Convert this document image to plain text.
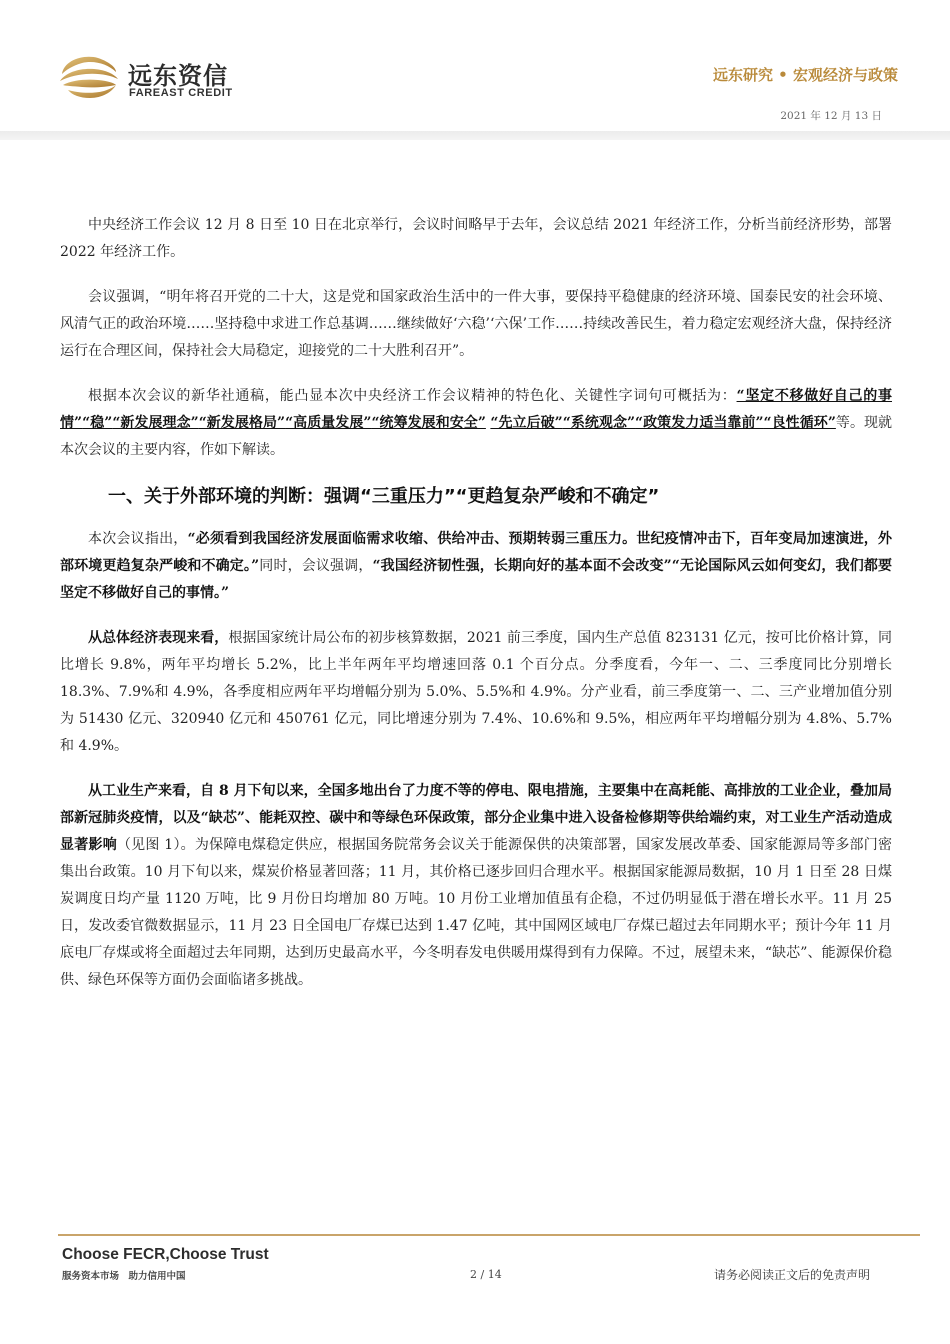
远东资信
FAREAST CREDIT
远东研究 • 宏观经济与政策
2021 年 12 月 13 日

中央经济工作会议 12 月 8 日至 10 日在北京举行，会议时间略早于去年，会议总结 2021 年经济工作，分析当前经济形势，部署 2022 年经济工作。

会议强调，“明年将召开党的二十大，这是党和国家政治生活中的一件大事，要保持平稳健康的经济环境、国泰民安的社会环境、风清气正的政治环境……坚持稳中求进工作总基调……继续做好‘六稳’‘六保’工作……持续改善民生，着力稳定宏观经济大盘，保持经济运行在合理区间，保持社会大局稳定，迎接党的二十大胜利召开”。

根据本次会议的新华社通稿，能凸显本次中央经济工作会议精神的特色化、关键性字词句可概括为：“坚定不移做好自己的事情”“稳”“新发展理念”“新发展格局”“高质量发展”“统筹发展和安全” “先立后破”“系统观念”“政策发力适当靠前”“良性循环”等。现就本次会议的主要内容，作如下解读。

一、关于外部环境的判断：强调“三重压力”“更趋复杂严峻和不确定”

本次会议指出，“必须看到我国经济发展面临需求收缩、供给冲击、预期转弱三重压力。世纪疫情冲击下，百年变局加速演进，外部环境更趋复杂严峻和不确定。”同时，会议强调，“我国经济韧性强，长期向好的基本面不会改变”“无论国际风云如何变幻，我们都要坚定不移做好自己的事情。”

从总体经济表现来看，根据国家统计局公布的初步核算数据，2021 前三季度，国内生产总值 823131 亿元，按可比价格计算，同比增长 9.8%，两年平均增长 5.2%，比上半年两年平均增速回落 0.1 个百分点。分季度看，今年一、二、三季度同比分别增长 18.3%、7.9%和 4.9%，各季度相应两年平均增幅分别为 5.0%、5.5%和 4.9%。分产业看，前三季度第一、二、三产业增加值分别为 51430 亿元、320940 亿元和 450761 亿元，同比增速分别为 7.4%、10.6%和 9.5%，相应两年平均增幅分别为 4.8%、5.7%和 4.9%。

从工业生产来看，自 8 月下旬以来，全国多地出台了力度不等的停电、限电措施，主要集中在高耗能、高排放的工业企业，叠加局部新冠肺炎疫情，以及“缺芯”、能耗双控、碳中和等绿色环保政策，部分企业集中进入设备检修期等供给端约束，对工业生产活动造成显著影响（见图 1）。为保障电煤稳定供应，根据国务院常务会议关于能源保供的决策部署，国家发展改革委、国家能源局等多部门密集出台政策。10 月下旬以来，煤炭价格显著回落；11 月，其价格已逐步回归合理水平。根据国家能源局数据，10 月 1 日至 28 日煤炭调度日均产量 1120 万吨，比 9 月份日均增加 80 万吨。10 月份工业增加值虽有企稳，不过仍明显低于潜在增长水平。11 月 25 日，发改委官微数据显示，11 月 23 日全国电厂存煤已达到 1.47 亿吨，其中国网区域电厂存煤已超过去年同期水平；预计今年 11 月底电厂存煤或将全面超过去年同期，达到历史最高水平，今冬明春发电供暖用煤得到有力保障。不过，展望未来，“缺芯”、能源保价稳供、绿色环保等方面仍会面临诸多挑战。

Choose FECR,Choose Trust
服务资本市场　助力信用中国	2 / 14	请务必阅读正文后的免责声明
